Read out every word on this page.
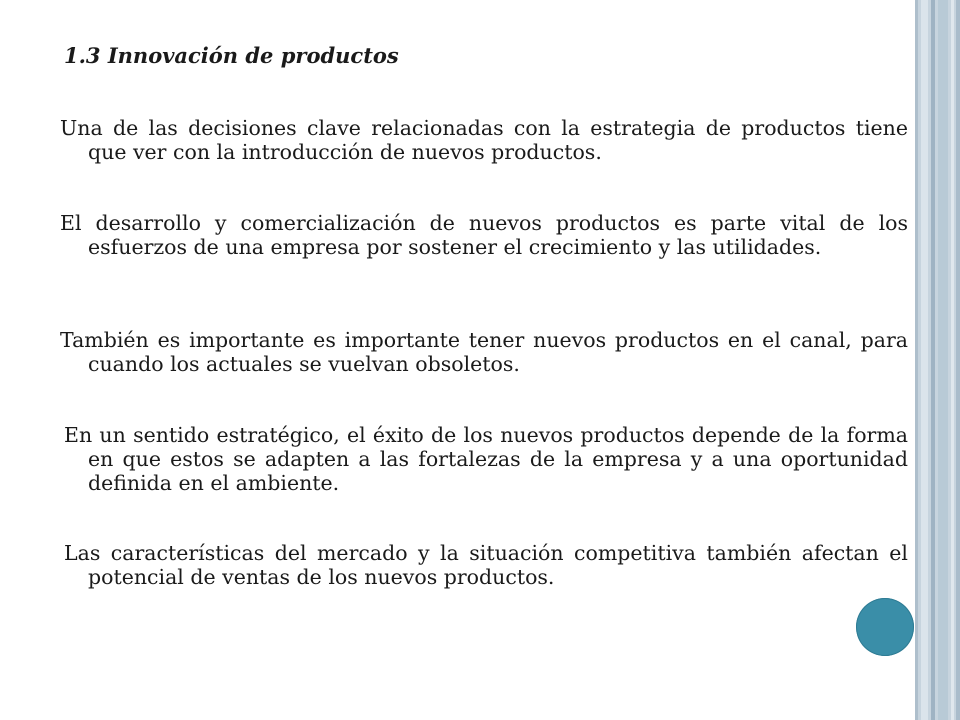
1.3 Innovación de productos

Una de las decisiones clave relacionadas con la estrategia de productos tiene que ver con la introducción de nuevos productos.

El desarrollo y comercialización de nuevos productos es parte vital de los esfuerzos de una empresa por sostener el crecimiento y las utilidades.

También es importante es importante tener nuevos productos en el canal, para cuando los actuales se vuelvan obsoletos.

En un sentido estratégico, el éxito de los nuevos productos depende de la forma en que estos se adapten a las fortalezas de la empresa y a una oportunidad definida en el ambiente.

Las características del mercado y la situación competitiva también afectan el potencial de ventas de los nuevos productos.
